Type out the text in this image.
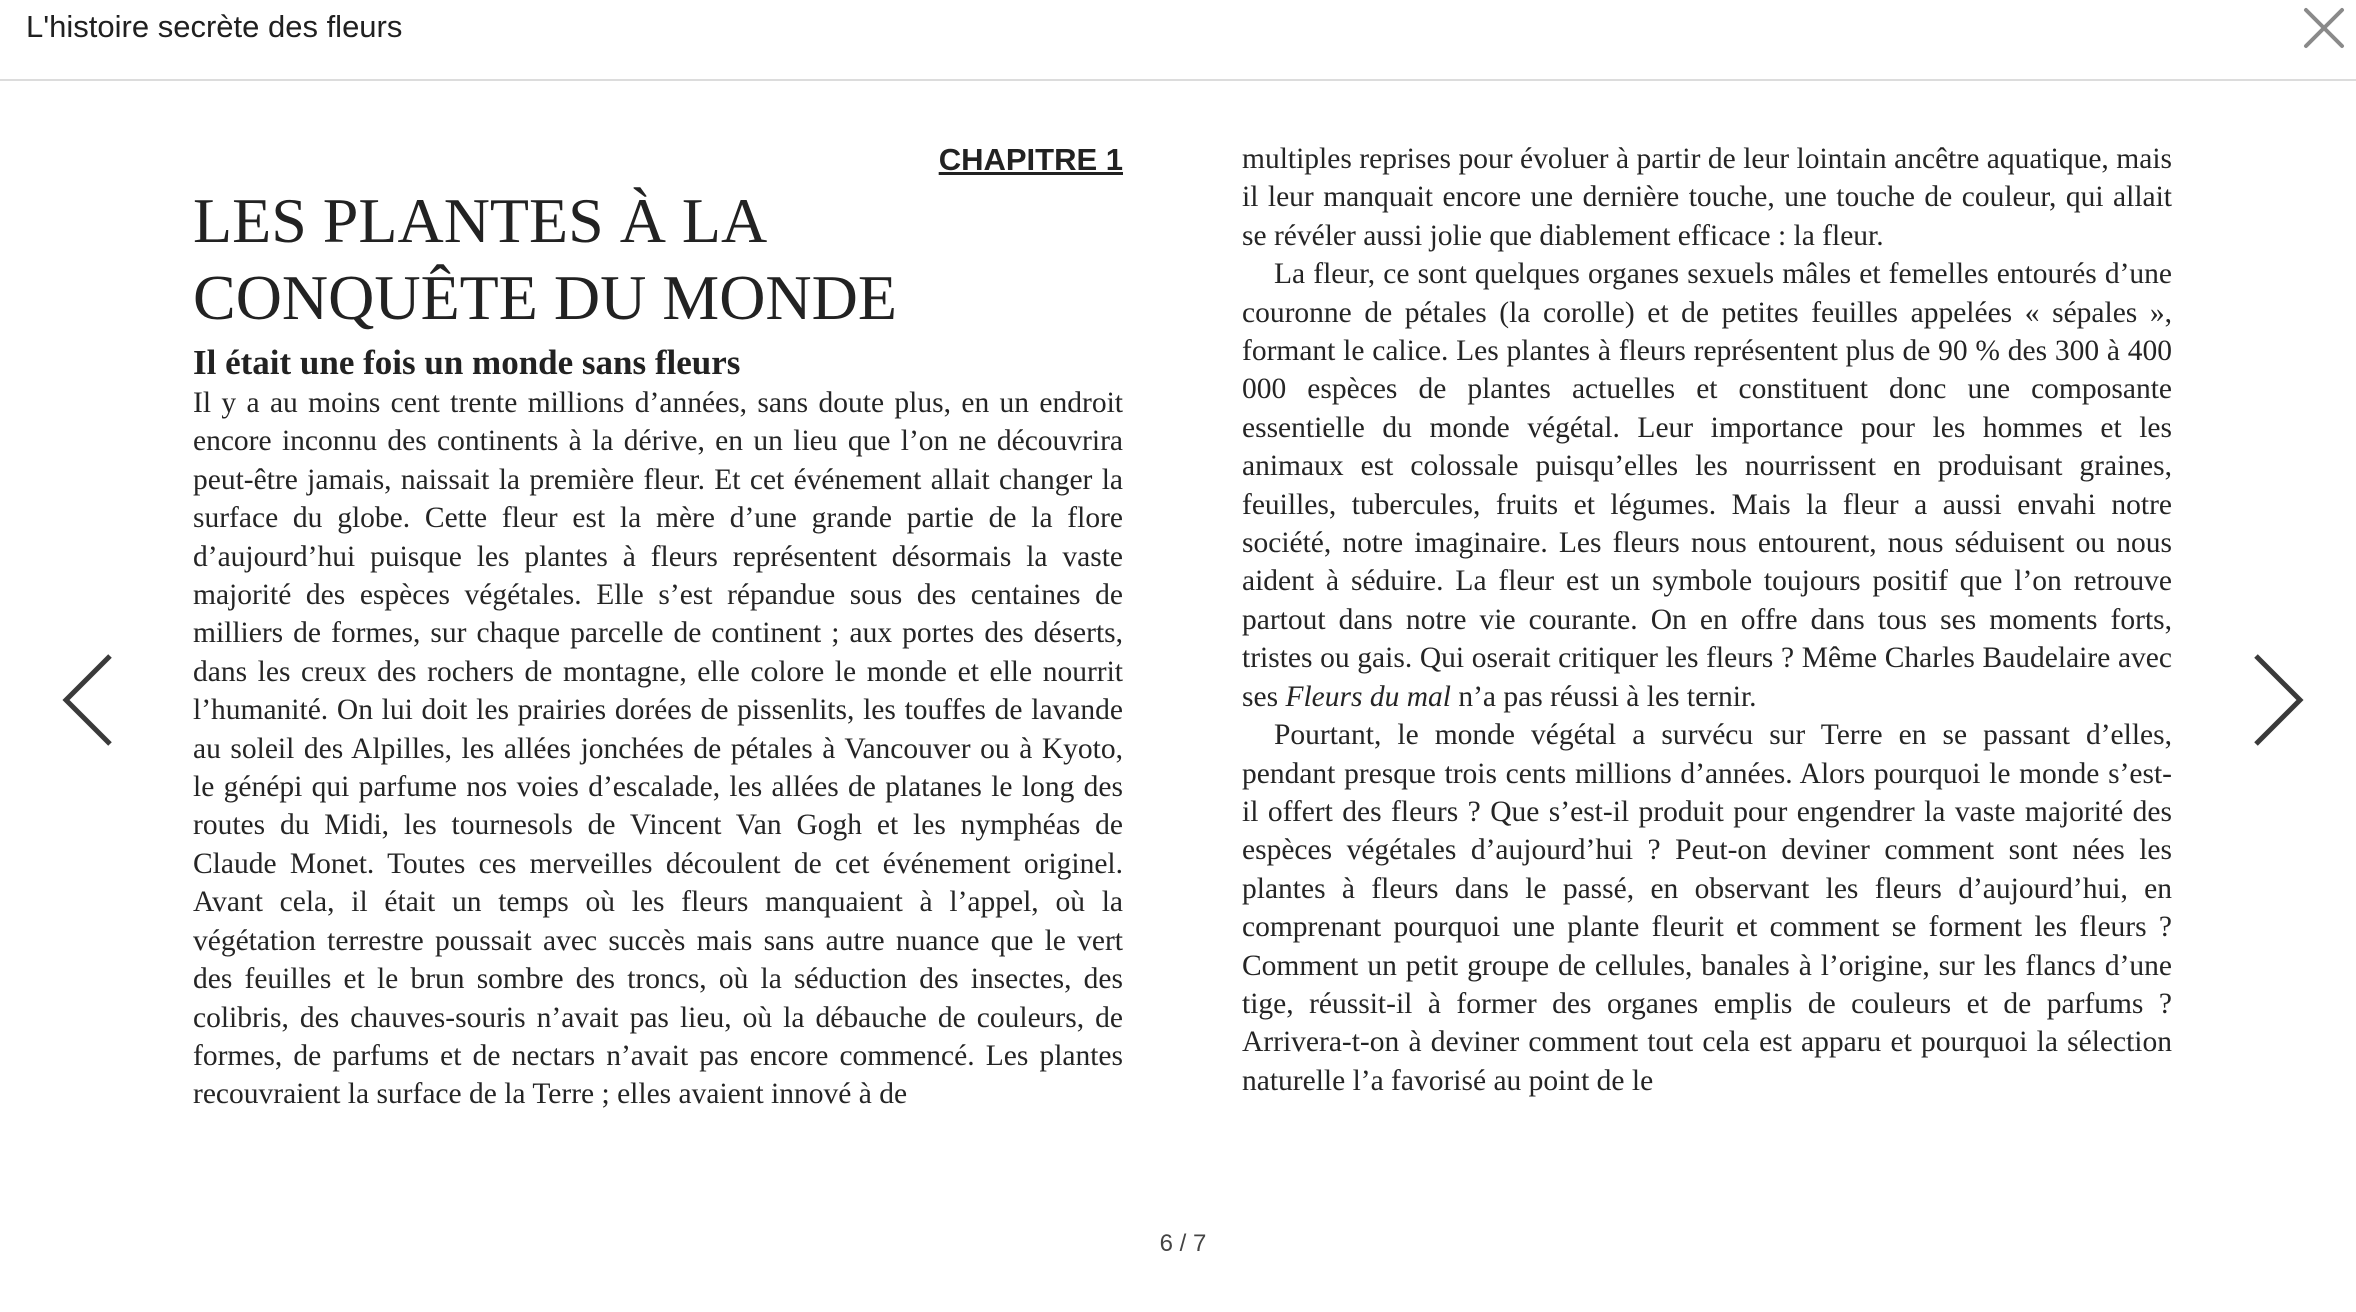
L'histoire secrète des fleurs
CHAPITRE 1
LES PLANTES À LA
CONQUÊTE DU MONDE
Il était une fois un monde sans fleurs

Il y a au moins cent trente millions d’années, sans doute plus, en un endroit encore inconnu des continents à la dérive, en un lieu que l’on ne découvrira peut-être jamais, naissait la première fleur. Et cet événement allait changer la surface du globe. Cette fleur est la mère d’une grande partie de la flore d’aujourd’hui puisque les plantes à fleurs représentent désormais la vaste majorité des espèces végétales. Elle s’est répandue sous des centaines de milliers de formes, sur chaque parcelle de continent ; aux portes des déserts, dans les creux des rochers de montagne, elle colore le monde et elle nourrit l’humanité. On lui doit les prairies dorées de pissenlits, les touffes de lavande au soleil des Alpilles, les allées jonchées de pétales à Vancouver ou à Kyoto, le génépi qui parfume nos voies d’escalade, les allées de platanes le long des routes du Midi, les tournesols de Vincent Van Gogh et les nymphéas de Claude Monet. Toutes ces merveilles découlent de cet événement originel. Avant cela, il était un temps où les fleurs manquaient à l’appel, où la végétation terrestre poussait avec succès mais sans autre nuance que le vert des feuilles et le brun sombre des troncs, où la séduction des insectes, des colibris, des chauves-souris n’avait pas lieu, où la débauche de couleurs, de formes, de parfums et de nectars n’avait pas encore commencé. Les plantes recouvraient la surface de la Terre ; elles avaient innové à de

multiples reprises pour évoluer à partir de leur lointain ancêtre aquatique, mais il leur manquait encore une dernière touche, une touche de couleur, qui allait se révéler aussi jolie que diablement efficace : la fleur.

La fleur, ce sont quelques organes sexuels mâles et femelles entourés d’une couronne de pétales (la corolle) et de petites feuilles appelées « sépales », formant le calice. Les plantes à fleurs représentent plus de 90 % des 300 à 400 000 espèces de plantes actuelles et constituent donc une composante essentielle du monde végétal. Leur importance pour les hommes et les animaux est colossale puisqu’elles les nourrissent en produisant graines, feuilles, tubercules, fruits et légumes. Mais la fleur a aussi envahi notre société, notre imaginaire. Les fleurs nous entourent, nous séduisent ou nous aident à séduire. La fleur est un symbole toujours positif que l’on retrouve partout dans notre vie courante. On en offre dans tous ses moments forts, tristes ou gais. Qui oserait critiquer les fleurs ? Même Charles Baudelaire avec ses Fleurs du mal n’a pas réussi à les ternir.

Pourtant, le monde végétal a survécu sur Terre en se passant d’elles, pendant presque trois cents millions d’années. Alors pourquoi le monde s’est-il offert des fleurs ? Que s’est-il produit pour engendrer la vaste majorité des espèces végétales d’aujourd’hui ? Peut-on deviner comment sont nées les plantes à fleurs dans le passé, en observant les fleurs d’aujourd’hui, en comprenant pourquoi une plante fleurit et comment se forment les fleurs ? Comment un petit groupe de cellules, banales à l’origine, sur les flancs d’une tige, réussit-il à former des organes emplis de couleurs et de parfums ? Arrivera-t-on à deviner comment tout cela est apparu et pourquoi la sélection naturelle l’a favorisé au point de le

6 / 7
